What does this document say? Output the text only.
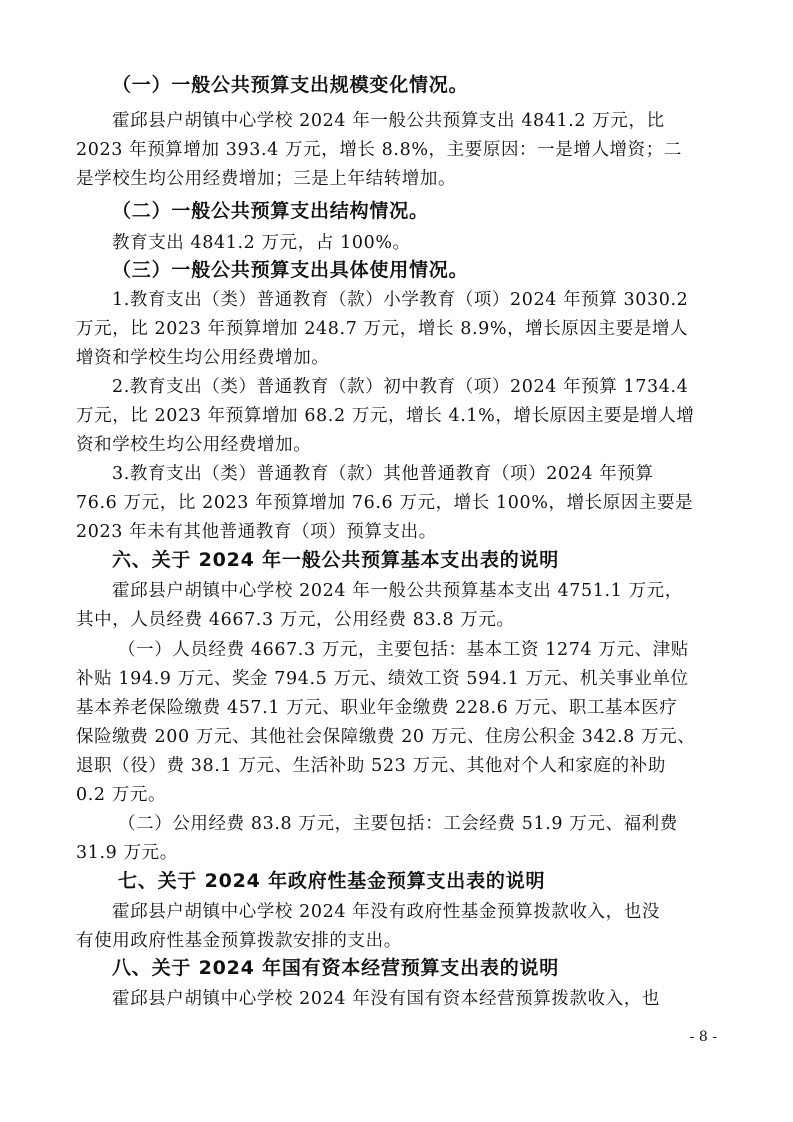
（一）一般公共预算支出规模变化情况。
霍邱县户胡镇中心学校 2024 年一般公共预算支出 4841.2 万元，比
2023 年预算增加 393.4 万元，增长 8.8%，主要原因：一是增人增资；二
是学校生均公用经费增加；三是上年结转增加。
（二）一般公共预算支出结构情况。
教育支出 4841.2 万元，占 100%。
（三）一般公共预算支出具体使用情况。
1.教育支出（类）普通教育（款）小学教育（项）2024 年预算 3030.2
万元，比 2023 年预算增加 248.7 万元，增长 8.9%，增长原因主要是增人
增资和学校生均公用经费增加。
2.教育支出（类）普通教育（款）初中教育（项）2024 年预算 1734.4
万元，比 2023 年预算增加 68.2 万元，增长 4.1%，增长原因主要是增人增
资和学校生均公用经费增加。
3.教育支出（类）普通教育（款）其他普通教育（项）2024 年预算
76.6 万元，比 2023 年预算增加 76.6 万元，增长 100%，增长原因主要是
2023 年未有其他普通教育（项）预算支出。
六、关于 2024 年一般公共预算基本支出表的说明
霍邱县户胡镇中心学校 2024 年一般公共预算基本支出 4751.1 万元，
其中，人员经费 4667.3 万元，公用经费 83.8 万元。
（一）人员经费 4667.3 万元，主要包括：基本工资 1274 万元、津贴
补贴 194.9 万元、奖金 794.5 万元、绩效工资 594.1 万元、机关事业单位
基本养老保险缴费 457.1 万元、职业年金缴费 228.6 万元、职工基本医疗
保险缴费 200 万元、其他社会保障缴费 20 万元、住房公积金 342.8 万元、
退职（役）费 38.1 万元、生活补助 523 万元、其他对个人和家庭的补助
0.2 万元。
（二）公用经费 83.8 万元，主要包括：工会经费 51.9 万元、福利费
31.9 万元。
七、关于 2024 年政府性基金预算支出表的说明
霍邱县户胡镇中心学校 2024 年没有政府性基金预算拨款收入，也没
有使用政府性基金预算拨款安排的支出。
八、关于 2024 年国有资本经营预算支出表的说明
霍邱县户胡镇中心学校 2024 年没有国有资本经营预算拨款收入，也
- 8 -
